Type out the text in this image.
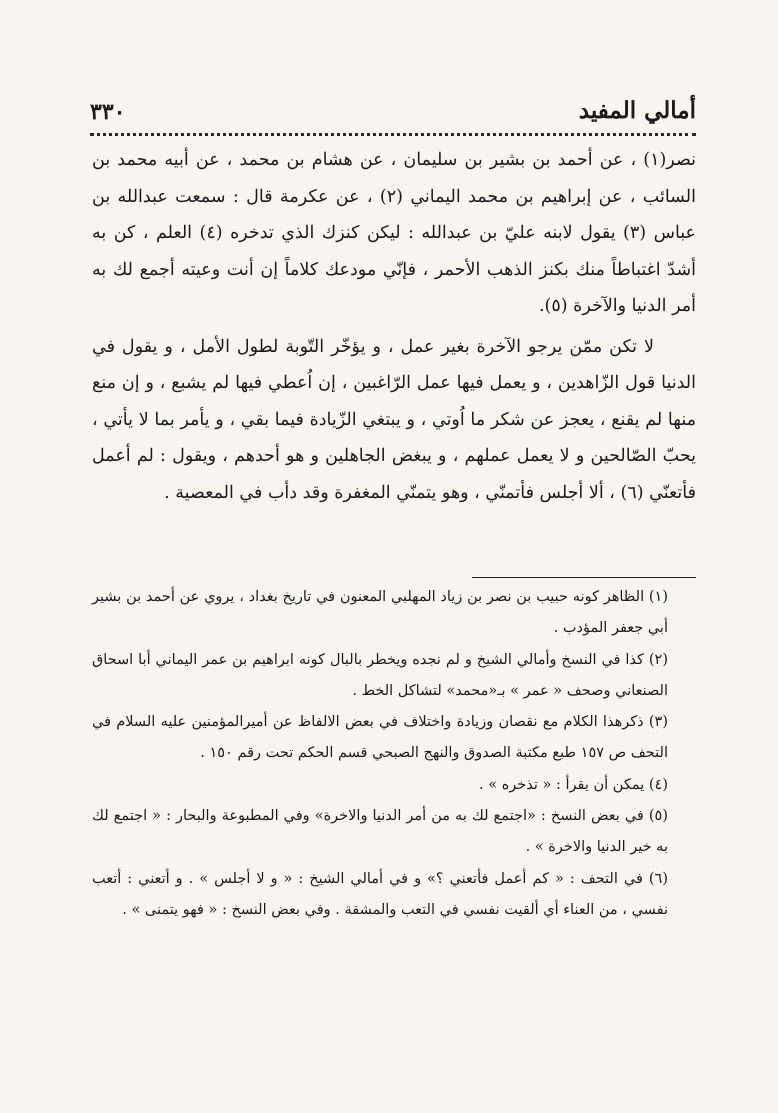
أمالي المفيد
٣٣٠

نصر(١) ، عن أحمد بن بشير بن سليمان ، عن هشام بن محمد ، عن أبيه محمد بن السائب ، عن إبراهيم بن محمد اليماني (٢) ، عن عكرمة قال : سمعت عبدالله بن عباس (٣) يقول لابنه عليّ بن عبدالله : ليكن كنزك الذي تدخره (٤) العلم ، كن به أشدّ اغتباطاً منك بكنز الذهب الأحمر ، فإنّي مودعك كلاماً إن أنت وعيته أجمع لك به أمر الدنيا والآخرة (٥).

لا تكن ممّن يرجو الآخرة بغير عمل ، و يؤخّر التّوبة لطول الأمل ، و يقول في الدنيا قول الزّاهدين ، و يعمل فيها عمل الرّاغبين ، إن اُعطي فيها لم يشبع ، و إن منع منها لم يقنع ، يعجز عن شكر ما اُوتي ، و يبتغي الزّيادة فيما بقي ، و يأمر بما لا يأتي ، يحبّ الصّالحين و لا يعمل عملهم ، و يبغض الجاهلين و هو أحدهم ، ويقول : لم أعمل فأتعنّي (٦) ، ألا أجلس فأتمنّي ، وهو يتمنّي المغفرة وقد دأب في المعصية .

(١) الظاهر كونه حبيب بن نصر بن زياد المهلبي المعنون في تاريخ بغداد ، يروي عن أحمد بن بشير أبي جعفر المؤدب .

(٢) كذا في النسخ وأمالي الشيخ و لم نجده ويخطر بالبال كونه ابراهيم بن عمر اليماني أبا اسحاق الصنعاني وصحف « عمر » بـ«محمد» لتشاكل الخط .

(٣) ذكرهذا الكلام مع نقصان وزيادة واختلاف في بعض الالفاظ عن أميرالمؤمنين عليه السلام في التحف ص ١٥٧ طبع مكتبة الصدوق والنهج الصبحي قسم الحكم تحت رقم ١٥٠ .

(٤) يمكن أن يقرأ : « تذخره » .

(٥) في بعض النسخ : «اجتمع لك به من أمر الدنيا والاخرة» وفي المطبوعة والبحار : « اجتمع لك به خير الدنيا والاخرة » .

(٦) في التحف : « كم أعمل فأتعني ؟» و في أمالي الشيخ : « و لا أجلس » . و أتعني : أتعب نفسي ، من العناء أي ألقيت نفسي في التعب والمشقة . وفي بعض النسخ : « فهو يتمنى » .
